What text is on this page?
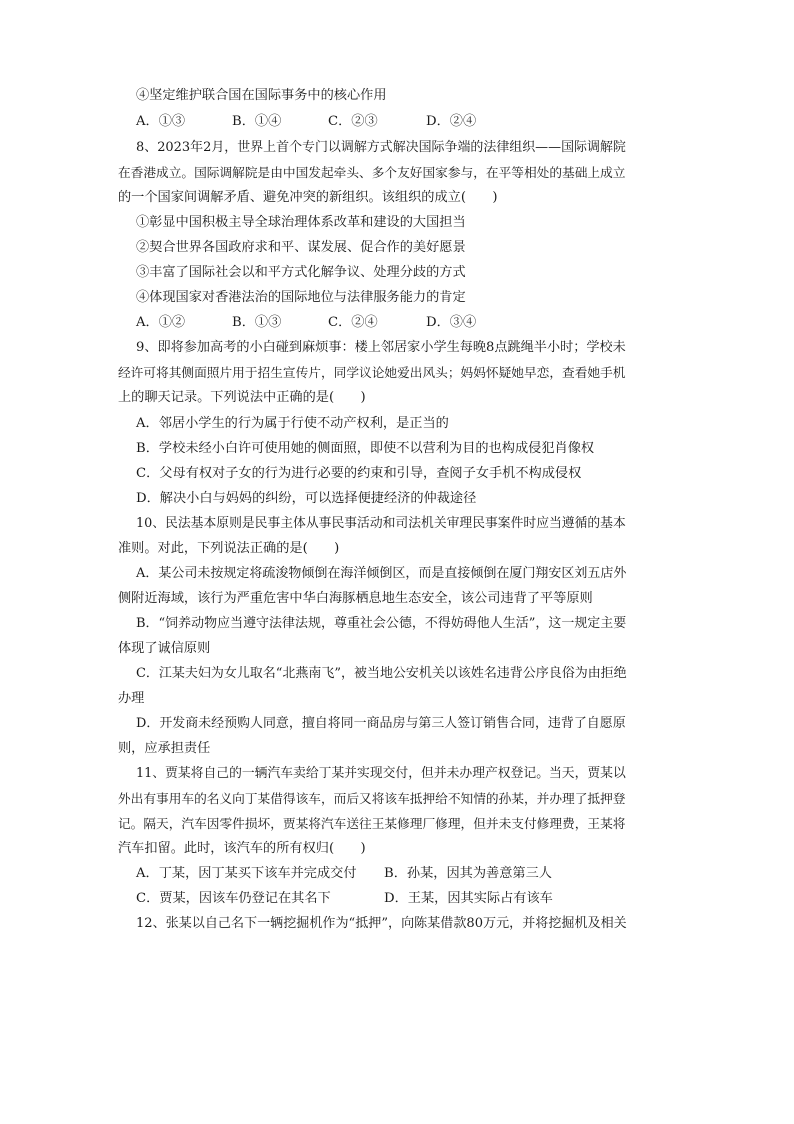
④坚定维护联合国在国际事务中的核心作用
A．①③	B．①④	C．②③	D．②④
8、2023年2月，世界上首个专门以调解方式解决国际争端的法律组织——国际调解院
在香港成立。国际调解院是由中国发起牵头、多个友好国家参与，在平等相处的基础上成立
的一个国家间调解矛盾、避免冲突的新组织。该组织的成立(　　)
①彰显中国积极主导全球治理体系改革和建设的大国担当
②契合世界各国政府求和平、谋发展、促合作的美好愿景
③丰富了国际社会以和平方式化解争议、处理分歧的方式
④体现国家对香港法治的国际地位与法律服务能力的肯定
A．①②	B．①③	C．②④	D．③④
9、即将参加高考的小白碰到麻烦事：楼上邻居家小学生每晚8点跳绳半小时；学校未
经许可将其侧面照片用于招生宣传片，同学议论她爱出风头；妈妈怀疑她早恋，查看她手机
上的聊天记录。下列说法中正确的是(　　)
A．邻居小学生的行为属于行使不动产权利，是正当的
B．学校未经小白许可使用她的侧面照，即使不以营利为目的也构成侵犯肖像权
C．父母有权对子女的行为进行必要的约束和引导，查阅子女手机不构成侵权
D．解决小白与妈妈的纠纷，可以选择便捷经济的仲裁途径
10、民法基本原则是民事主体从事民事活动和司法机关审理民事案件时应当遵循的基本
准则。对此，下列说法正确的是(　　)
A．某公司未按规定将疏浚物倾倒在海洋倾倒区，而是直接倾倒在厦门翔安区刘五店外
侧附近海域，该行为严重危害中华白海豚栖息地生态安全，该公司违背了平等原则
B．“饲养动物应当遵守法律法规，尊重社会公德，不得妨碍他人生活”，这一规定主要
体现了诚信原则
C．江某夫妇为女儿取名“北燕南飞”，被当地公安机关以该姓名违背公序良俗为由拒绝
办理
D．开发商未经预购人同意，擅自将同一商品房与第三人签订销售合同，违背了自愿原
则，应承担责任
11、贾某将自己的一辆汽车卖给丁某并实现交付，但并未办理产权登记。当天，贾某以
外出有事用车的名义向丁某借得该车，而后又将该车抵押给不知情的孙某，并办理了抵押登
记。隔天，汽车因零件损坏，贾某将汽车送往王某修理厂修理，但并未支付修理费，王某将
汽车扣留。此时，该汽车的所有权归(　　)
A．丁某，因丁某买下该车并完成交付 B．孙某，因其为善意第三人
C．贾某，因该车仍登记在其名下	D．王某，因其实际占有该车
12、张某以自己名下一辆挖掘机作为“抵押”，向陈某借款80万元，并将挖掘机及相关
